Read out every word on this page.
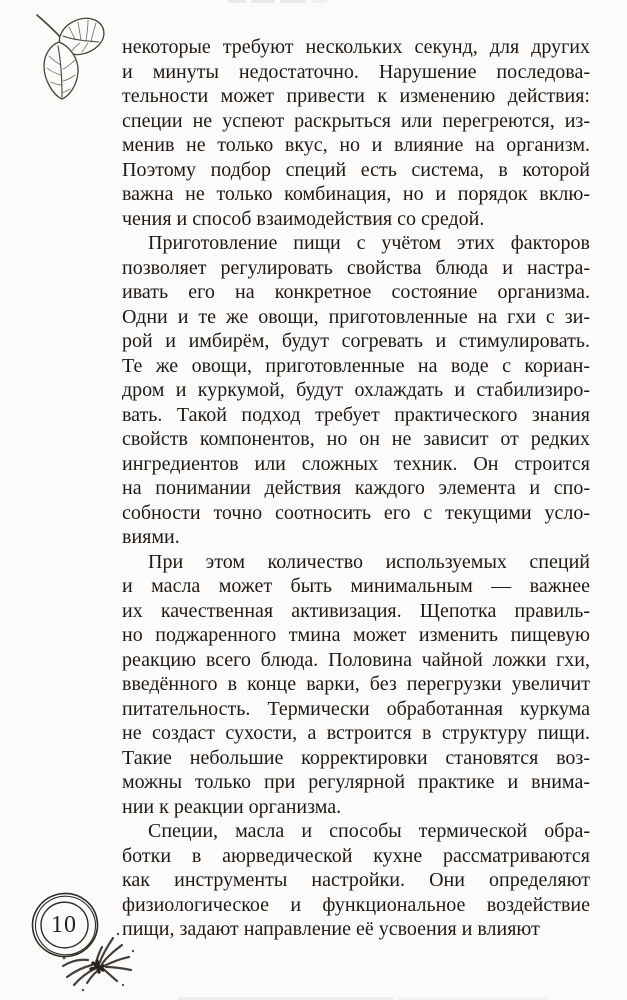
некоторые требуют нескольких секунд, для других
и минуты недостаточно. Нарушение последова-
тельности может привести к изменению действия:
специи не успеют раскрыться или перегреются, из-
менив не только вкус, но и влияние на организм.
Поэтому подбор специй есть система, в которой
важна не только комбинация, но и порядок вклю-
чения и способ взаимодействия со средой.
Приготовление пищи с учётом этих факторов
позволяет регулировать свойства блюда и настра-
ивать его на конкретное состояние организма.
Одни и те же овощи, приготовленные на гхи с зи-
рой и имбирём, будут согревать и стимулировать.
Те же овощи, приготовленные на воде с кориан-
дром и куркумой, будут охлаждать и стабилизиро-
вать. Такой подход требует практического знания
свойств компонентов, но он не зависит от редких
ингредиентов или сложных техник. Он строится
на понимании действия каждого элемента и спо-
собности точно соотносить его с текущими усло-
виями.
При этом количество используемых специй
и масла может быть минимальным — важнее
их качественная активизация. Щепотка правиль-
но поджаренного тмина может изменить пищевую
реакцию всего блюда. Половина чайной ложки гхи,
введённого в конце варки, без перегрузки увеличит
питательность. Термически обработанная куркума
не создаст сухости, а встроится в структуру пищи.
Такие небольшие корректировки становятся воз-
можны только при регулярной практике и внима-
нии к реакции организма.
Специи, масла и способы термической обра-
ботки в аюрведической кухне рассматриваются
как инструменты настройки. Они определяют
физиологическое и функциональное воздействие
пищи, задают направление её усвоения и влияют
10
